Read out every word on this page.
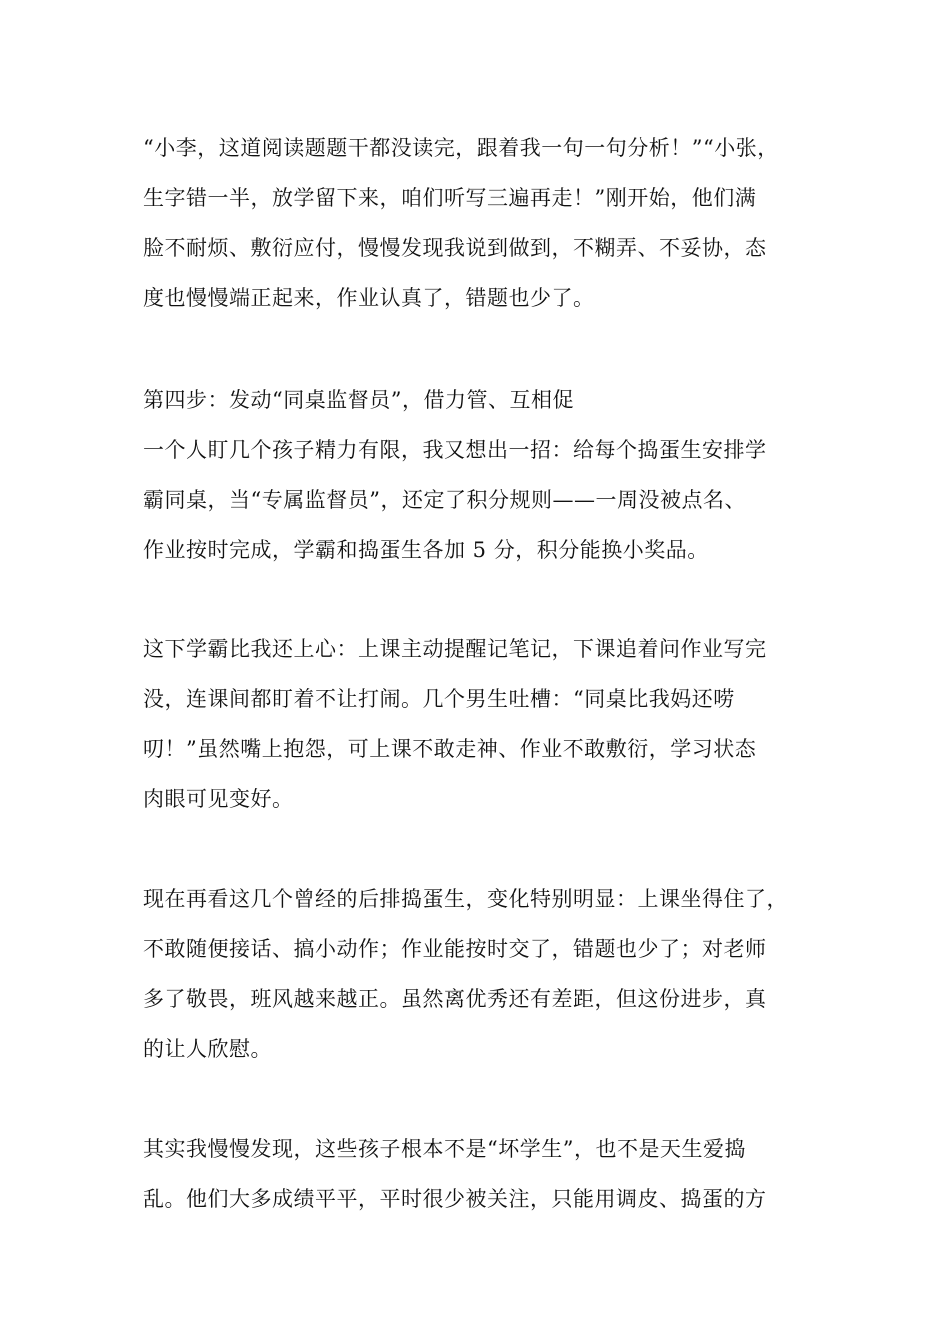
“小李，这道阅读题题干都没读完，跟着我一句一句分析！”“小张，
生字错一半，放学留下来，咱们听写三遍再走！”刚开始，他们满
脸不耐烦、敷衍应付，慢慢发现我说到做到，不糊弄、不妥协，态
度也慢慢端正起来，作业认真了，错题也少了。
第四步：发动“同桌监督员”，借力管、互相促
一个人盯几个孩子精力有限，我又想出一招：给每个捣蛋生安排学
霸同桌，当“专属监督员”，还定了积分规则——一周没被点名、
作业按时完成，学霸和捣蛋生各加 5 分，积分能换小奖品。
这下学霸比我还上心：上课主动提醒记笔记，下课追着问作业写完
没，连课间都盯着不让打闹。几个男生吐槽：“同桌比我妈还唠
叨！”虽然嘴上抱怨，可上课不敢走神、作业不敢敷衍，学习状态
肉眼可见变好。
现在再看这几个曾经的后排捣蛋生，变化特别明显：上课坐得住了，
不敢随便接话、搞小动作；作业能按时交了，错题也少了；对老师
多了敬畏，班风越来越正。虽然离优秀还有差距，但这份进步，真
的让人欣慰。
其实我慢慢发现，这些孩子根本不是“坏学生”，也不是天生爱捣
乱。他们大多成绩平平，平时很少被关注，只能用调皮、捣蛋的方
